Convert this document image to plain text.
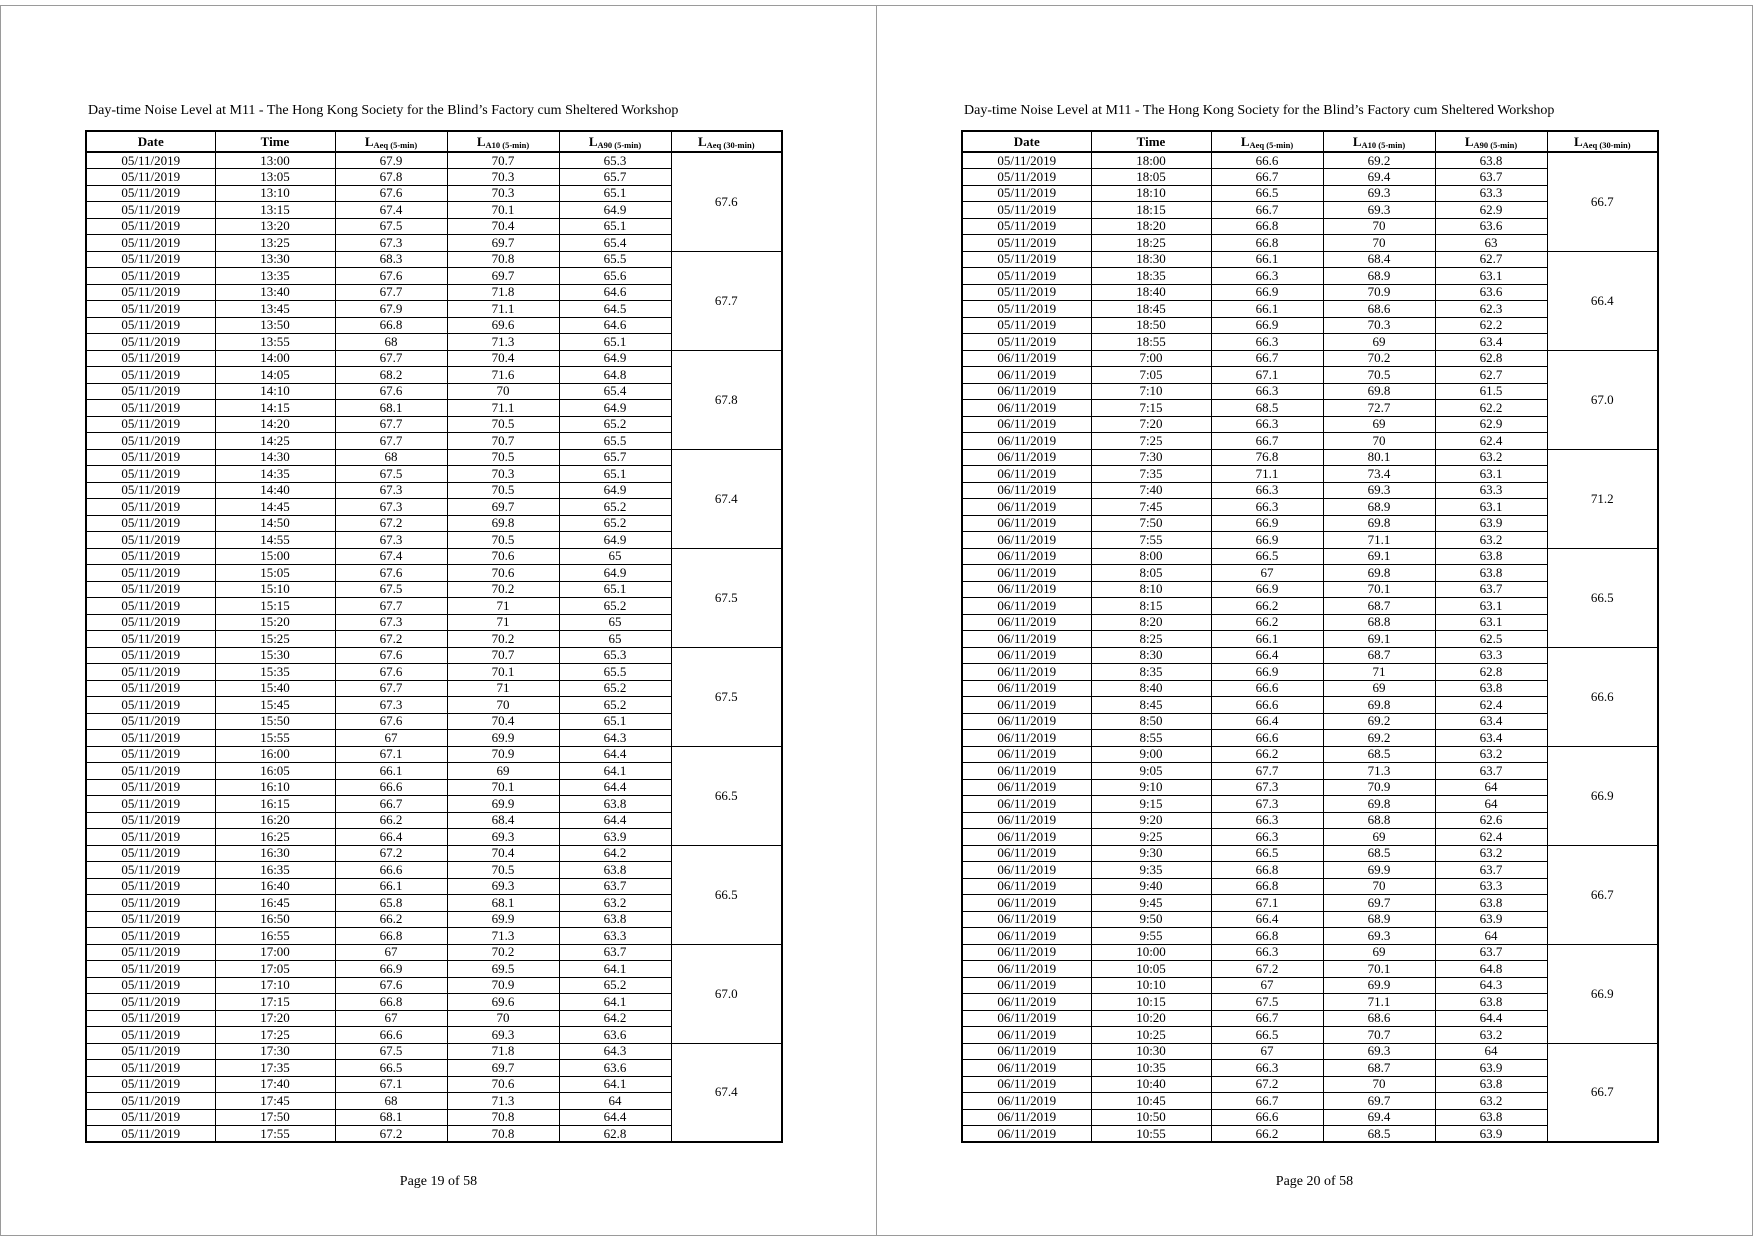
Day-time Noise Level at M11 - The Hong Kong Society for the Blind’s Factory cum Sheltered Workshop
Date	Time	$L_{Aeq (5-min)}$	$L_{A10 (5-min)}$	$L_{A90 (5-min)}$	$L_{Aeq (30-min)}$
05/11/2019	13:00	67.9	70.7	65.3	67.6
05/11/2019	13:05	67.8	70.3	65.7	
05/11/2019	13:10	67.6	70.3	65.1	
05/11/2019	13:15	67.4	70.1	64.9	
05/11/2019	13:20	67.5	70.4	65.1	
05/11/2019	13:25	67.3	69.7	65.4	
05/11/2019	13:30	68.3	70.8	65.5	67.7
05/11/2019	13:35	67.6	69.7	65.6	
05/11/2019	13:40	67.7	71.8	64.6	
05/11/2019	13:45	67.9	71.1	64.5	
05/11/2019	13:50	66.8	69.6	64.6	
05/11/2019	13:55	68	71.3	65.1	
05/11/2019	14:00	67.7	70.4	64.9	67.8
05/11/2019	14:05	68.2	71.6	64.8	
05/11/2019	14:10	67.6	70	65.4	
05/11/2019	14:15	68.1	71.1	64.9	
05/11/2019	14:20	67.7	70.5	65.2	
05/11/2019	14:25	67.7	70.7	65.5	
05/11/2019	14:30	68	70.5	65.7	67.4
05/11/2019	14:35	67.5	70.3	65.1	
05/11/2019	14:40	67.3	70.5	64.9	
05/11/2019	14:45	67.3	69.7	65.2	
05/11/2019	14:50	67.2	69.8	65.2	
05/11/2019	14:55	67.3	70.5	64.9	
05/11/2019	15:00	67.4	70.6	65	67.5
05/11/2019	15:05	67.6	70.6	64.9	
05/11/2019	15:10	67.5	70.2	65.1	
05/11/2019	15:15	67.7	71	65.2	
05/11/2019	15:20	67.3	71	65	
05/11/2019	15:25	67.2	70.2	65	
05/11/2019	15:30	67.6	70.7	65.3	67.5
05/11/2019	15:35	67.6	70.1	65.5	
05/11/2019	15:40	67.7	71	65.2	
05/11/2019	15:45	67.3	70	65.2	
05/11/2019	15:50	67.6	70.4	65.1	
05/11/2019	15:55	67	69.9	64.3	
05/11/2019	16:00	67.1	70.9	64.4	66.5
05/11/2019	16:05	66.1	69	64.1	
05/11/2019	16:10	66.6	70.1	64.4	
05/11/2019	16:15	66.7	69.9	63.8	
05/11/2019	16:20	66.2	68.4	64.4	
05/11/2019	16:25	66.4	69.3	63.9	
05/11/2019	16:30	67.2	70.4	64.2	66.5
05/11/2019	16:35	66.6	70.5	63.8	
05/11/2019	16:40	66.1	69.3	63.7	
05/11/2019	16:45	65.8	68.1	63.2	
05/11/2019	16:50	66.2	69.9	63.8	
05/11/2019	16:55	66.8	71.3	63.3	
05/11/2019	17:00	67	70.2	63.7	67.0
05/11/2019	17:05	66.9	69.5	64.1	
05/11/2019	17:10	67.6	70.9	65.2	
05/11/2019	17:15	66.8	69.6	64.1	
05/11/2019	17:20	67	70	64.2	
05/11/2019	17:25	66.6	69.3	63.6	
05/11/2019	17:30	67.5	71.8	64.3	67.4
05/11/2019	17:35	66.5	69.7	63.6	
05/11/2019	17:40	67.1	70.6	64.1	
05/11/2019	17:45	68	71.3	64	
05/11/2019	17:50	68.1	70.8	64.4	
05/11/2019	17:55	67.2	70.8	62.8	
Page 19 of 58
Day-time Noise Level at M11 - The Hong Kong Society for the Blind’s Factory cum Sheltered Workshop
Date	Time	$L_{Aeq (5-min)}$	$L_{A10 (5-min)}$	$L_{A90 (5-min)}$	$L_{Aeq (30-min)}$
05/11/2019	18:00	66.6	69.2	63.8	66.7
05/11/2019	18:05	66.7	69.4	63.7	
05/11/2019	18:10	66.5	69.3	63.3	
05/11/2019	18:15	66.7	69.3	62.9	
05/11/2019	18:20	66.8	70	63.6	
05/11/2019	18:25	66.8	70	63	
05/11/2019	18:30	66.1	68.4	62.7	66.4
05/11/2019	18:35	66.3	68.9	63.1	
05/11/2019	18:40	66.9	70.9	63.6	
05/11/2019	18:45	66.1	68.6	62.3	
05/11/2019	18:50	66.9	70.3	62.2	
05/11/2019	18:55	66.3	69	63.4	
06/11/2019	7:00	66.7	70.2	62.8	67.0
06/11/2019	7:05	67.1	70.5	62.7	
06/11/2019	7:10	66.3	69.8	61.5	
06/11/2019	7:15	68.5	72.7	62.2	
06/11/2019	7:20	66.3	69	62.9	
06/11/2019	7:25	66.7	70	62.4	
06/11/2019	7:30	76.8	80.1	63.2	71.2
06/11/2019	7:35	71.1	73.4	63.1	
06/11/2019	7:40	66.3	69.3	63.3	
06/11/2019	7:45	66.3	68.9	63.1	
06/11/2019	7:50	66.9	69.8	63.9	
06/11/2019	7:55	66.9	71.1	63.2	
06/11/2019	8:00	66.5	69.1	63.8	66.5
06/11/2019	8:05	67	69.8	63.8	
06/11/2019	8:10	66.9	70.1	63.7	
06/11/2019	8:15	66.2	68.7	63.1	
06/11/2019	8:20	66.2	68.8	63.1	
06/11/2019	8:25	66.1	69.1	62.5	
06/11/2019	8:30	66.4	68.7	63.3	66.6
06/11/2019	8:35	66.9	71	62.8	
06/11/2019	8:40	66.6	69	63.8	
06/11/2019	8:45	66.6	69.8	62.4	
06/11/2019	8:50	66.4	69.2	63.4	
06/11/2019	8:55	66.6	69.2	63.4	
06/11/2019	9:00	66.2	68.5	63.2	66.9
06/11/2019	9:05	67.7	71.3	63.7	
06/11/2019	9:10	67.3	70.9	64	
06/11/2019	9:15	67.3	69.8	64	
06/11/2019	9:20	66.3	68.8	62.6	
06/11/2019	9:25	66.3	69	62.4	
06/11/2019	9:30	66.5	68.5	63.2	66.7
06/11/2019	9:35	66.8	69.9	63.7	
06/11/2019	9:40	66.8	70	63.3	
06/11/2019	9:45	67.1	69.7	63.8	
06/11/2019	9:50	66.4	68.9	63.9	
06/11/2019	9:55	66.8	69.3	64	
06/11/2019	10:00	66.3	69	63.7	66.9
06/11/2019	10:05	67.2	70.1	64.8	
06/11/2019	10:10	67	69.9	64.3	
06/11/2019	10:15	67.5	71.1	63.8	
06/11/2019	10:20	66.7	68.6	64.4	
06/11/2019	10:25	66.5	70.7	63.2	
06/11/2019	10:30	67	69.3	64	66.7
06/11/2019	10:35	66.3	68.7	63.9	
06/11/2019	10:40	67.2	70	63.8	
06/11/2019	10:45	66.7	69.7	63.2	
06/11/2019	10:50	66.6	69.4	63.8	
06/11/2019	10:55	66.2	68.5	63.9	
Page 20 of 58
